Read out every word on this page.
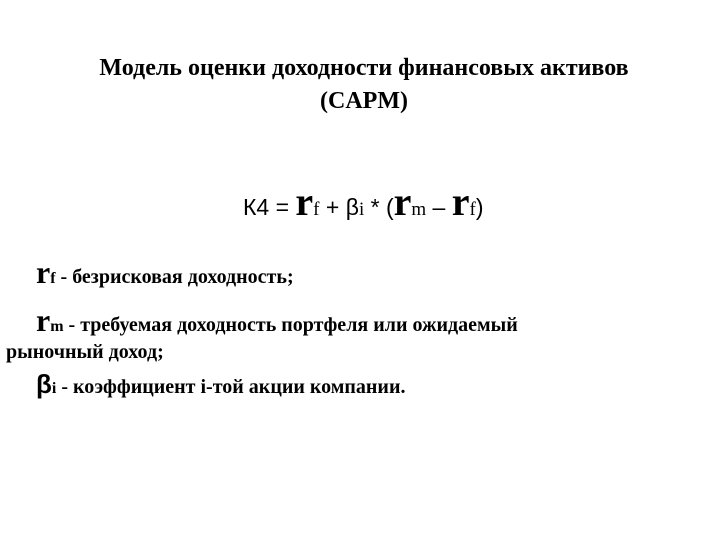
Модель оценки доходности финансовых активов
(CAPM)
К4 = rf + βi * (rm – rf)
rf - безрисковая доходность;
rm - требуемая доходность портфеля или ожидаемый
рыночный доход;
βi - коэффициент i-той акции компании.
